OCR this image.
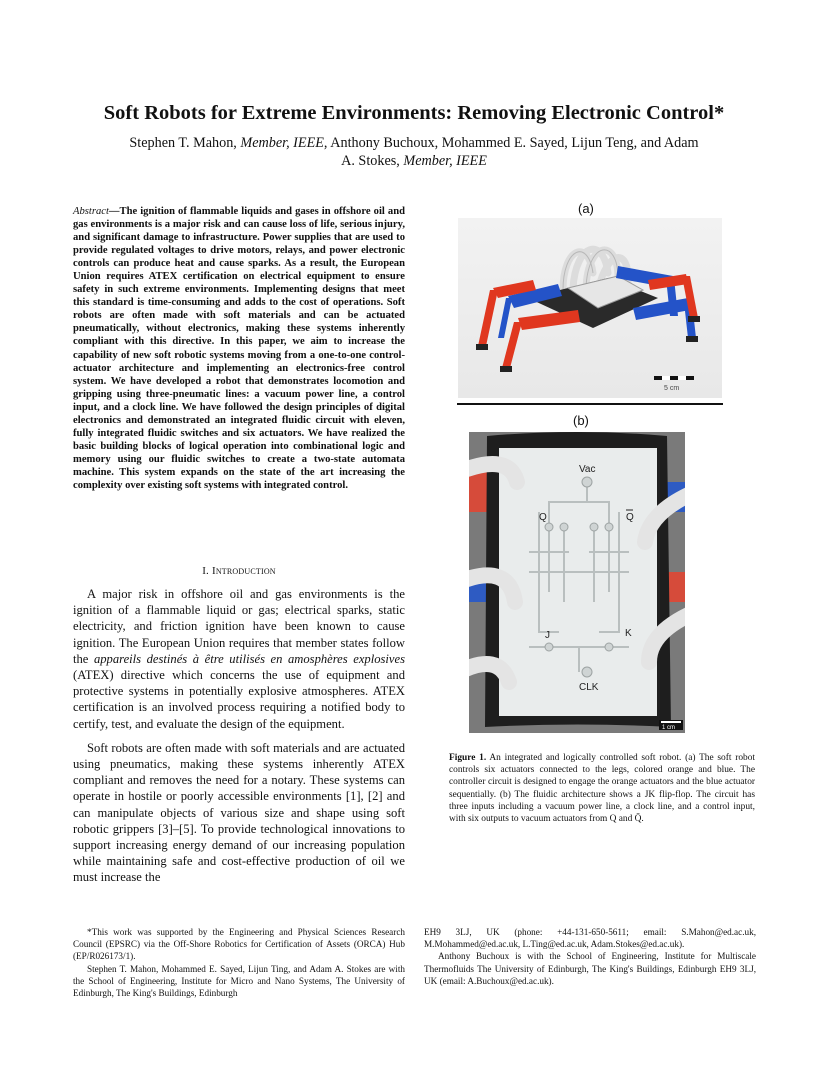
Soft Robots for Extreme Environments: Removing Electronic Control*
Stephen T. Mahon, Member, IEEE, Anthony Buchoux, Mohammed E. Sayed, Lijun Teng, and Adam
A. Stokes, Member, IEEE
Abstract—The ignition of flammable liquids and gases in offshore oil and gas environments is a major risk and can cause loss of life, serious injury, and significant damage to infrastructure. Power supplies that are used to provide regulated voltages to drive motors, relays, and power electronic controls can produce heat and cause sparks. As a result, the European Union requires ATEX certification on electrical equipment to ensure safety in such extreme environments. Implementing designs that meet this standard is time-consuming and adds to the cost of operations. Soft robots are often made with soft materials and can be actuated pneumatically, without electronics, making these systems inherently compliant with this directive. In this paper, we aim to increase the capability of new soft robotic systems moving from a one-to-one control-actuator architecture and implementing an electronics-free control system. We have developed a robot that demonstrates locomotion and gripping using three-pneumatic lines: a vacuum power line, a control input, and a clock line. We have followed the design principles of digital electronics and demonstrated an integrated fluidic circuit with eleven, fully integrated fluidic switches and six actuators. We have realized the basic building blocks of logical operation into combinational logic and memory using our fluidic switches to create a two-state automata machine. This system expands on the state of the art increasing the complexity over existing soft systems with integrated control.
I. Introduction

A major risk in offshore oil and gas environments is the ignition of a flammable liquid or gas; electrical sparks, static electricity, and friction ignition have been known to cause ignition. The European Union requires that member states follow the appareils destinés à être utilisés en amosphères explosives (ATEX) directive which concerns the use of equipment and protective systems in potentially explosive atmospheres. ATEX certification is an involved process requiring a notified body to certify, test, and evaluate the design of the equipment.

Soft robots are often made with soft materials and are actuated using pneumatics, making these systems inherently ATEX compliant and removes the need for a notary. These systems can operate in hostile or poorly accessible environments [1], [2] and can manipulate objects of various size and shape using soft robotic grippers [3]–[5]. To provide technological innovations to support increasing energy demand of our increasing population while maintaining safe and cost-effective production of oil we must increase the

*This work was supported by the Engineering and Physical Sciences Research Council (EPSRC) via the Off-Shore Robotics for Certification of Assets (ORCA) Hub (EP/R026173/1).

Stephen T. Mahon, Mohammed E. Sayed, Lijun Ting, and Adam A. Stokes are with the School of Engineering, Institute for Micro and Nano Systems, The University of Edinburgh, The King's Buildings, Edinburgh

EH9 3LJ, UK (phone: +44-131-650-5611; email: S.Mahon@ed.ac.uk, M.Mohammed@ed.ac.uk, L.Ting@ed.ac.uk, Adam.Stokes@ed.ac.uk).

Anthony Buchoux is with the School of Engineering, Institute for Multiscale Thermofluids The University of Edinburgh, The King's Buildings, Edinburgh EH9 3LJ, UK (email: A.Buchoux@ed.ac.uk).

(a)
5 cm
(b)
Vac
Q	Q
J	K
CLK
1 cm
Figure 1. An integrated and logically controlled soft robot. (a) The soft robot controls six actuators connected to the legs, colored orange and blue. The controller circuit is designed to engage the orange actuators and the blue actuator sequentially. (b) The fluidic architecture shows a JK flip-flop. The circuit has three inputs including a vacuum power line, a clock line, and a control input, with six outputs to vacuum actuators from Q and Q̄.
